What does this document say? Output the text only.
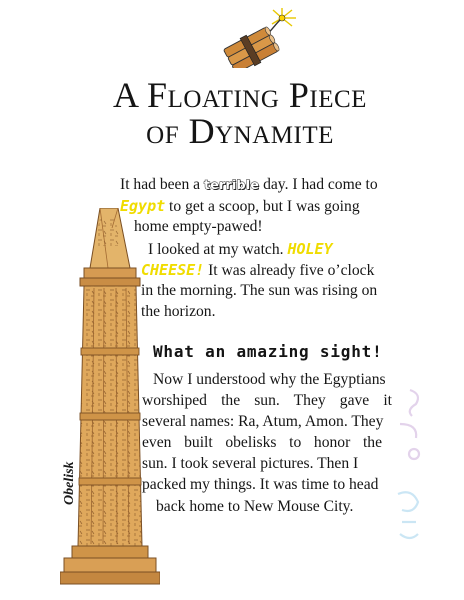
A Floating Piece
of Dynamite
It had been a terrible day. I had come to
Egypt to get a scoop, but I was going
home empty-pawed!
I looked at my watch. HOLEY
CHEESE! It was already five o’clock
in the morning. The sun was rising on
the horizon.
What an amazing sight!
Now I understood why the Egyptians
worshiped the sun. They gave it
several names: Ra, Atum, Amon. They
even built obelisks to honor the
sun. I took several pictures. Then I
packed my things. It was time to head
back home to New Mouse City.
Obelisk
